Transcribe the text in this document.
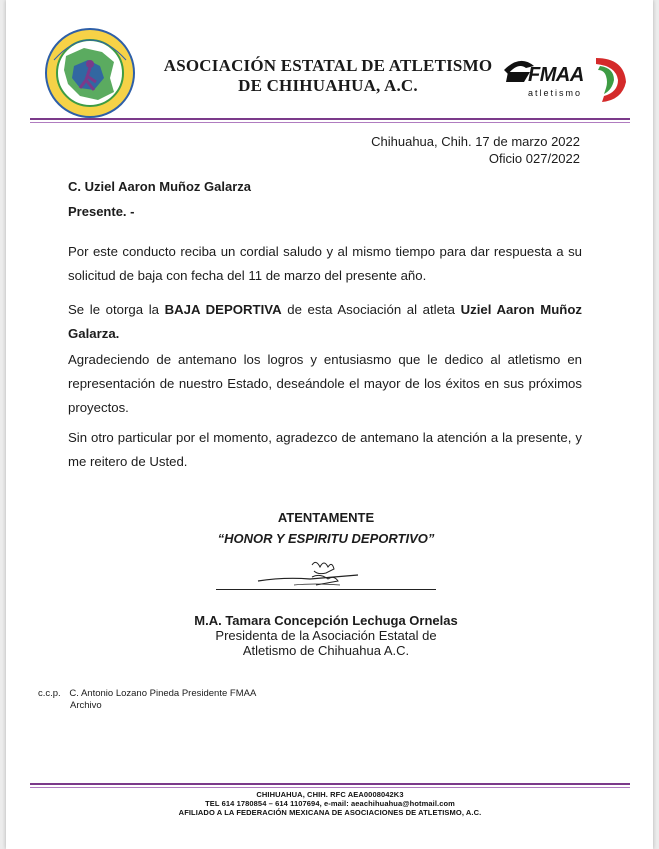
ASOCIACIÓN ESTATAL DE ATLETISMO
DE CHIHUAHUA, A.C.	FMAA
atletismo
Chihuahua, Chih. 17 de marzo 2022
Oficio 027/2022
C. Uziel Aaron Muñoz Galarza
Presente. -
Por este conducto reciba un cordial saludo y al mismo tiempo para dar respuesta a su solicitud de baja con fecha del 11 de marzo del presente año.
Se le otorga la BAJA DEPORTIVA de esta Asociación al atleta Uziel Aaron Muñoz Galarza.
Agradeciendo de antemano los logros y entusiasmo que le dedico al atletismo en representación de nuestro Estado, deseándole el mayor de los éxitos en sus próximos proyectos.
Sin otro particular por el momento, agradezco de antemano la atención a la presente, y me reitero de Usted.
ATENTAMENTE
“HONOR Y ESPIRITU DEPORTIVO”
M.A. Tamara Concepción Lechuga Ornelas
Presidenta de la Asociación Estatal de
Atletismo de Chihuahua A.C.
c.c.p. C. Antonio Lozano Pineda Presidente FMAA
Archivo
CHIHUAHUA, CHIH. RFC AEA0008042K3
TEL 614 1780854 – 614 1107694, e-mail: aeachihuahua@hotmail.com
AFILIADO A LA FEDERACIÓN MEXICANA DE ASOCIACIONES DE ATLETISMO, A.C.
